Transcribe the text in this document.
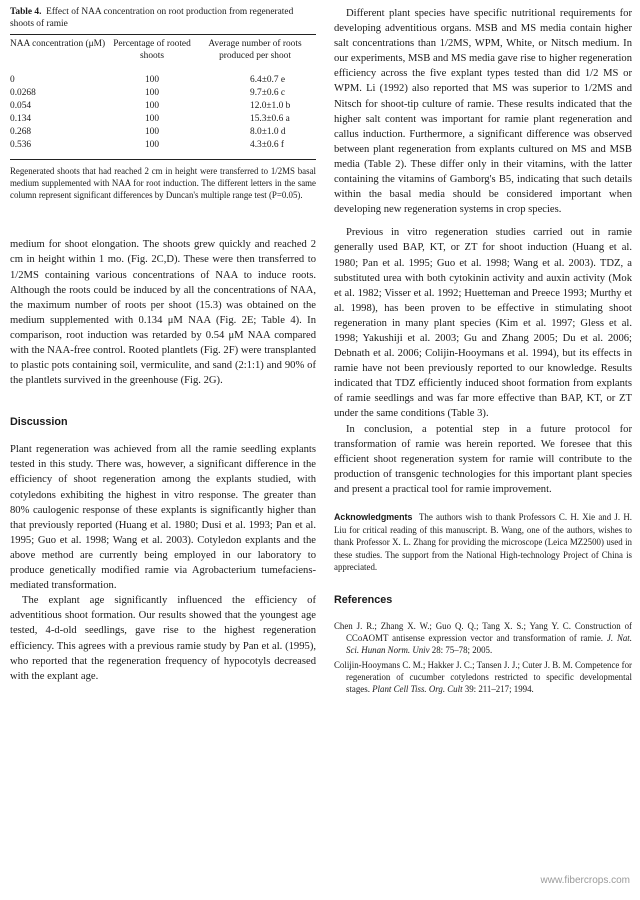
Table 4. Effect of NAA concentration on root production from regenerated shoots of ramie
NAA concentration (μM)	Percentage of rooted shoots	Average number of roots produced per shoot
0	100	6.4±0.7 e
0.0268	100	9.7±0.6 c
0.054	100	12.0±1.0 b
0.134	100	15.3±0.6 a
0.268	100	8.0±1.0 d
0.536	100	4.3±0.6 f

Regenerated shoots that had reached 2 cm in height were transferred to 1/2MS basal medium supplemented with NAA for root induction. The different letters in the same column represent significant differences by Duncan's multiple range test (P=0.05).

medium for shoot elongation. The shoots grew quickly and reached 2 cm in height within 1 mo. (Fig. 2C,D). These were then transferred to 1/2MS containing various concentrations of NAA to induce roots. Although the roots could be induced by all the concentrations of NAA, the maximum number of roots per shoot (15.3) was obtained on the medium supplemented with 0.134 μM NAA (Fig. 2E; Table 4). In comparison, root induction was retarded by 0.54 μM NAA compared with the NAA-free control. Rooted plantlets (Fig. 2F) were transplanted to plastic pots containing soil, vermiculite, and sand (2:1:1) and 90% of the plantlets survived in the greenhouse (Fig. 2G).

Discussion

Plant regeneration was achieved from all the ramie seedling explants tested in this study. There was, however, a significant difference in the efficiency of shoot regeneration among the explants studied, with cotyledons exhibiting the highest in vitro response. The greater than 80% caulogenic response of these explants is significantly higher than that previously reported (Huang et al. 1980; Dusi et al. 1993; Pan et al. 1995; Guo et al. 1998; Wang et al. 2003). Cotyledon explants and the above method are currently being employed in our laboratory to produce genetically modified ramie via Agrobacterium tumefaciens-mediated transformation.

The explant age significantly influenced the efficiency of adventitious shoot formation. Our results showed that the youngest age tested, 4-d-old seedlings, gave rise to the highest regeneration efficiency. This agrees with a previous ramie study by Pan et al. (1995), who reported that the regeneration frequency of hypocotyls decreased with the explant age.

Different plant species have specific nutritional requirements for developing adventitious organs. MSB and MS media contain higher salt concentrations than 1/2MS, WPM, White, or Nitsch medium. In our experiments, MSB and MS media gave rise to higher regeneration efficiency across the five explant types tested than did 1/2 MS or WPM. Li (1992) also reported that MS was superior to 1/2MS and Nitsch for shoot-tip culture of ramie. These results indicated that the higher salt content was important for ramie plant regeneration and callus induction. Furthermore, a significant difference was observed between plant regeneration from explants cultured on MS and MSB media (Table 2). These differ only in their vitamins, with the latter containing the vitamins of Gamborg's B5, indicating that such details within the basal media should be considered important when developing new regeneration systems in crop species.

Previous in vitro regeneration studies carried out in ramie generally used BAP, KT, or ZT for shoot induction (Huang et al. 1980; Pan et al. 1995; Guo et al. 1998; Wang et al. 2003). TDZ, a substituted urea with both cytokinin activity and auxin activity (Mok et al. 1982; Visser et al. 1992; Huetteman and Preece 1993; Murthy et al. 1998), has been proven to be effective in stimulating shoot regeneration in many plant species (Kim et al. 1997; Gless et al. 1998; Yakushiji et al. 2003; Gu and Zhang 2005; Du et al. 2006; Debnath et al. 2006; Colijin-Hooymans et al. 1994), but its effects in ramie have not been previously reported to our knowledge. Results indicated that TDZ efficiently induced shoot formation from explants of ramie seedlings and was far more effective than BAP, KT, or ZT under the same conditions (Table 3).

In conclusion, a potential step in a future protocol for transformation of ramie was herein reported. We foresee that this efficient shoot regeneration system for ramie will contribute to the production of transgenic technologies for this important plant species and present a practical tool for ramie improvement.

Acknowledgments The authors wish to thank Professors C. H. Xie and J. H. Liu for critical reading of this manuscript. B. Wang, one of the authors, wishes to thank Professor X. L. Zhang for providing the microscope (Leica MZ2500) used in these studies. The support from the National High-technology Project of China is appreciated.

References

Chen J. R.; Zhang X. W.; Guo Q. Q.; Tang X. S.; Yang Y. C. Construction of CCoAOMT antisense expression vector and transformation of ramie. J. Nat. Sci. Hunan Norm. Univ 28: 75–78; 2005.

Colijin-Hooymans C. M.; Hakker J. C.; Tansen J. J.; Cuter J. B. M. Competence for regeneration of cucumber cotyledons restricted to specific developmental stages. Plant Cell Tiss. Org. Cult 39: 211–217; 1994.

www.fibercrops.com
